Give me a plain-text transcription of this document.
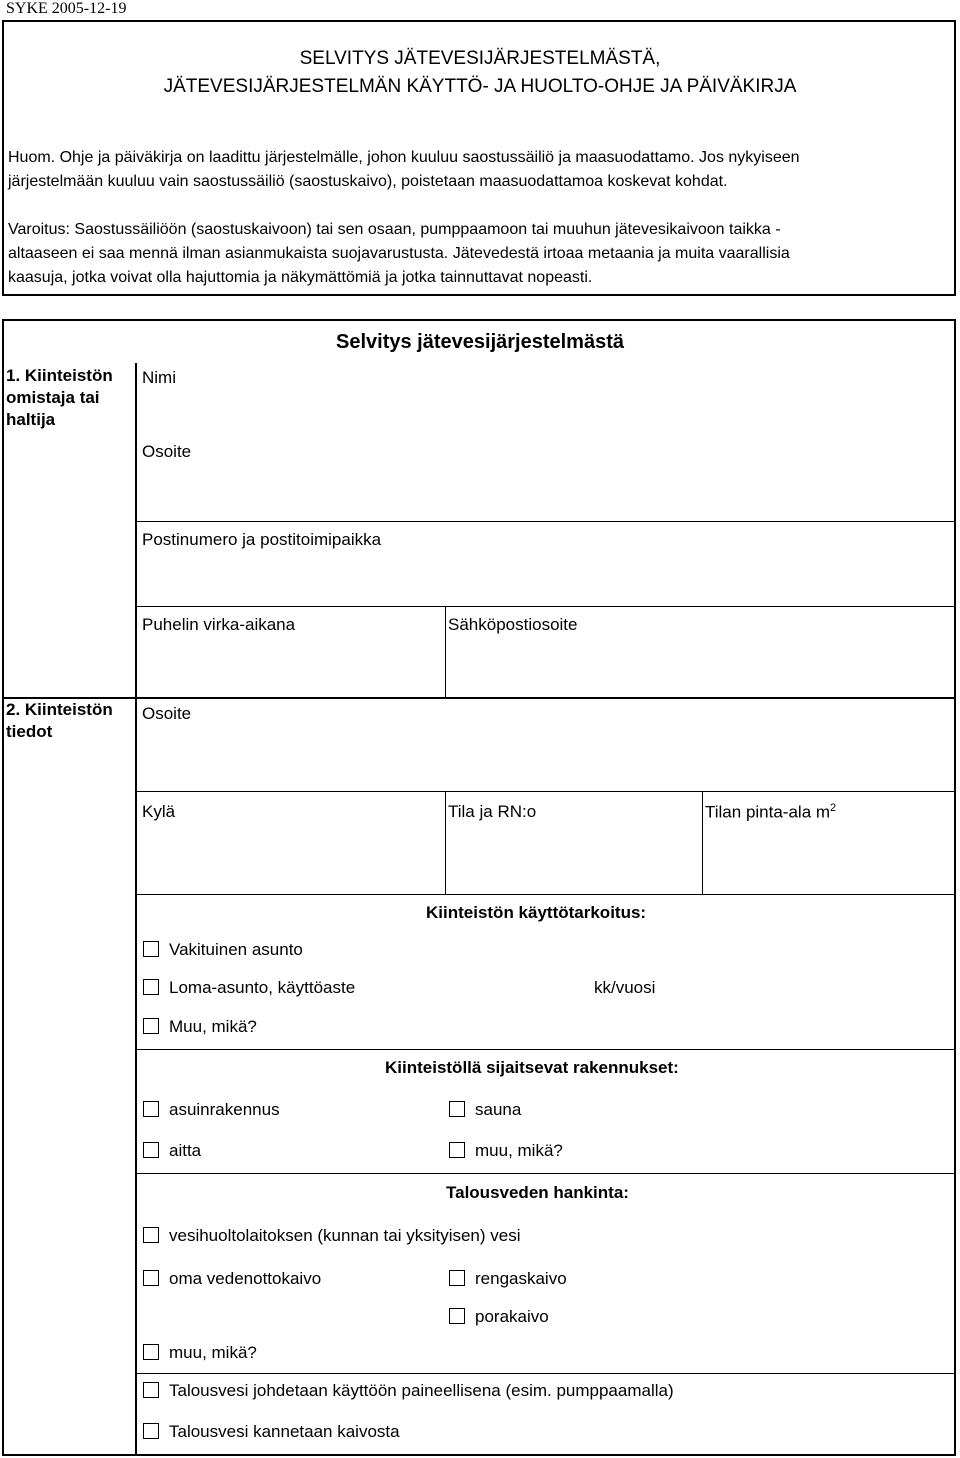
SYKE 2005-12-19
SELVITYS JÄTEVESIJÄRJESTELMÄSTÄ,
JÄTEVESIJÄRJESTELMÄN KÄYTTÖ- JA HUOLTO-OHJE JA PÄIVÄKIRJA
Huom. Ohje ja päiväkirja on laadittu järjestelmälle, johon kuuluu saostussäiliö ja maasuodattamo. Jos nykyiseen
järjestelmään kuuluu vain saostussäiliö (saostuskaivo), poistetaan maasuodattamoa koskevat kohdat.
Varoitus: Saostussäiliöön (saostuskaivoon) tai sen osaan, pumppaamoon tai muuhun jätevesikaivoon taikka -
altaaseen ei saa mennä ilman asianmukaista suojavarustusta. Jätevedestä irtoaa metaania ja muita vaarallisia
kaasuja, jotka voivat olla hajuttomia ja näkymättömiä ja jotka tainnuttavat nopeasti.
Selvitys jätevesijärjestelmästä
1. Kiinteistön
omistaja tai
haltija
Nimi
Osoite
Postinumero ja postitoimipaikka
Puhelin virka-aikana	Sähköpostiosoite
2. Kiinteistön
tiedot
Osoite
Kylä	Tila ja RN:o	Tilan pinta-ala $m^2$
Kiinteistön käyttötarkoitus:
Vakituinen asunto
Loma-asunto, käyttöaste	kk/vuosi
Muu, mikä?
Kiinteistöllä sijaitsevat rakennukset:
asuinrakennus	sauna
aitta	muu, mikä?
Talousveden hankinta:
vesihuoltolaitoksen (kunnan tai yksityisen) vesi
oma vedenottokaivo	rengaskaivo
porakaivo
muu, mikä?
Talousvesi johdetaan käyttöön paineellisena (esim. pumppaamalla)
Talousvesi kannetaan kaivosta
